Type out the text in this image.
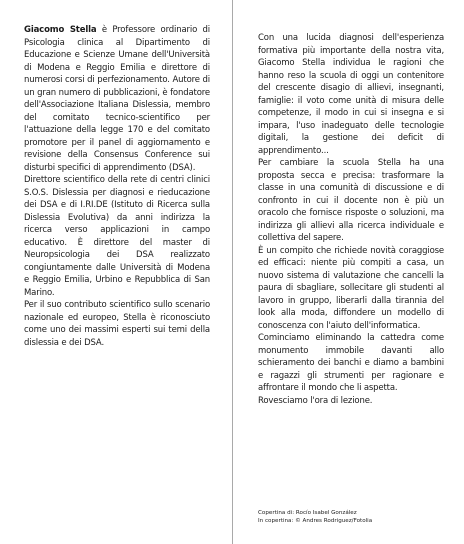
Giacomo Stella è Professore ordinario di Psicologia clinica al Dipartimento di Educazione e Scienze Umane dell'Università di Modena e Reggio Emilia e direttore di numerosi corsi di perfezionamento. Autore di un gran numero di pubblicazioni, è fondatore dell'Associazione Italiana Dislessia, membro del comitato tecnico-scientifico per l'attuazione della legge 170 e del comitato promotore per il panel di aggiornamento e revisione della Consensus Conference sui disturbi specifici di apprendimento (DSA).

Direttore scientifico della rete di centri clinici S.O.S. Dislessia per diagnosi e rieducazione dei DSA e di I.RI.DE (Istituto di Ricerca sulla Dislessia Evolutiva) da anni indirizza la ricerca verso applicazioni in campo educativo. È direttore del master di Neuropsicologia dei DSA realizzato congiuntamente dalle Università di Modena e Reggio Emilia, Urbino e Repubblica di San Marino.

Per il suo contributo scientifico sullo scenario nazionale ed europeo, Stella è riconosciuto come uno dei massimi esperti sui temi della dislessia e dei DSA.

Con una lucida diagnosi dell'esperienza formativa più importante della nostra vita, Giacomo Stella individua le ragioni che hanno reso la scuola di oggi un contenitore del crescente disagio di allievi, insegnanti, famiglie: il voto come unità di misura delle competenze, il modo in cui si insegna e si impara, l'uso inadeguato delle tecnologie digitali, la gestione dei deficit di apprendimento...

Per cambiare la scuola Stella ha una proposta secca e precisa: trasformare la classe in una comunità di discussione e di confronto in cui il docente non è più un oracolo che fornisce risposte o soluzioni, ma indirizza gli allievi alla ricerca individuale e collettiva del sapere.

È un compito che richiede novità coraggiose ed efficaci: niente più compiti a casa, un nuovo sistema di valutazione che cancelli la paura di sbagliare, sollecitare gli studenti al lavoro in gruppo, liberarli dalla tirannia del look alla moda, diffondere un modello di conoscenza con l'aiuto dell'informatica.

Cominciamo eliminando la cattedra come monumento immobile davanti allo schieramento dei banchi e diamo a bambini e ragazzi gli strumenti per ragionare e affrontare il mondo che li aspetta.

Rovesciamo l'ora di lezione.

Copertina di: Rocío Isabel González
In copertina: © Andres Rodriguez/Fotolia
